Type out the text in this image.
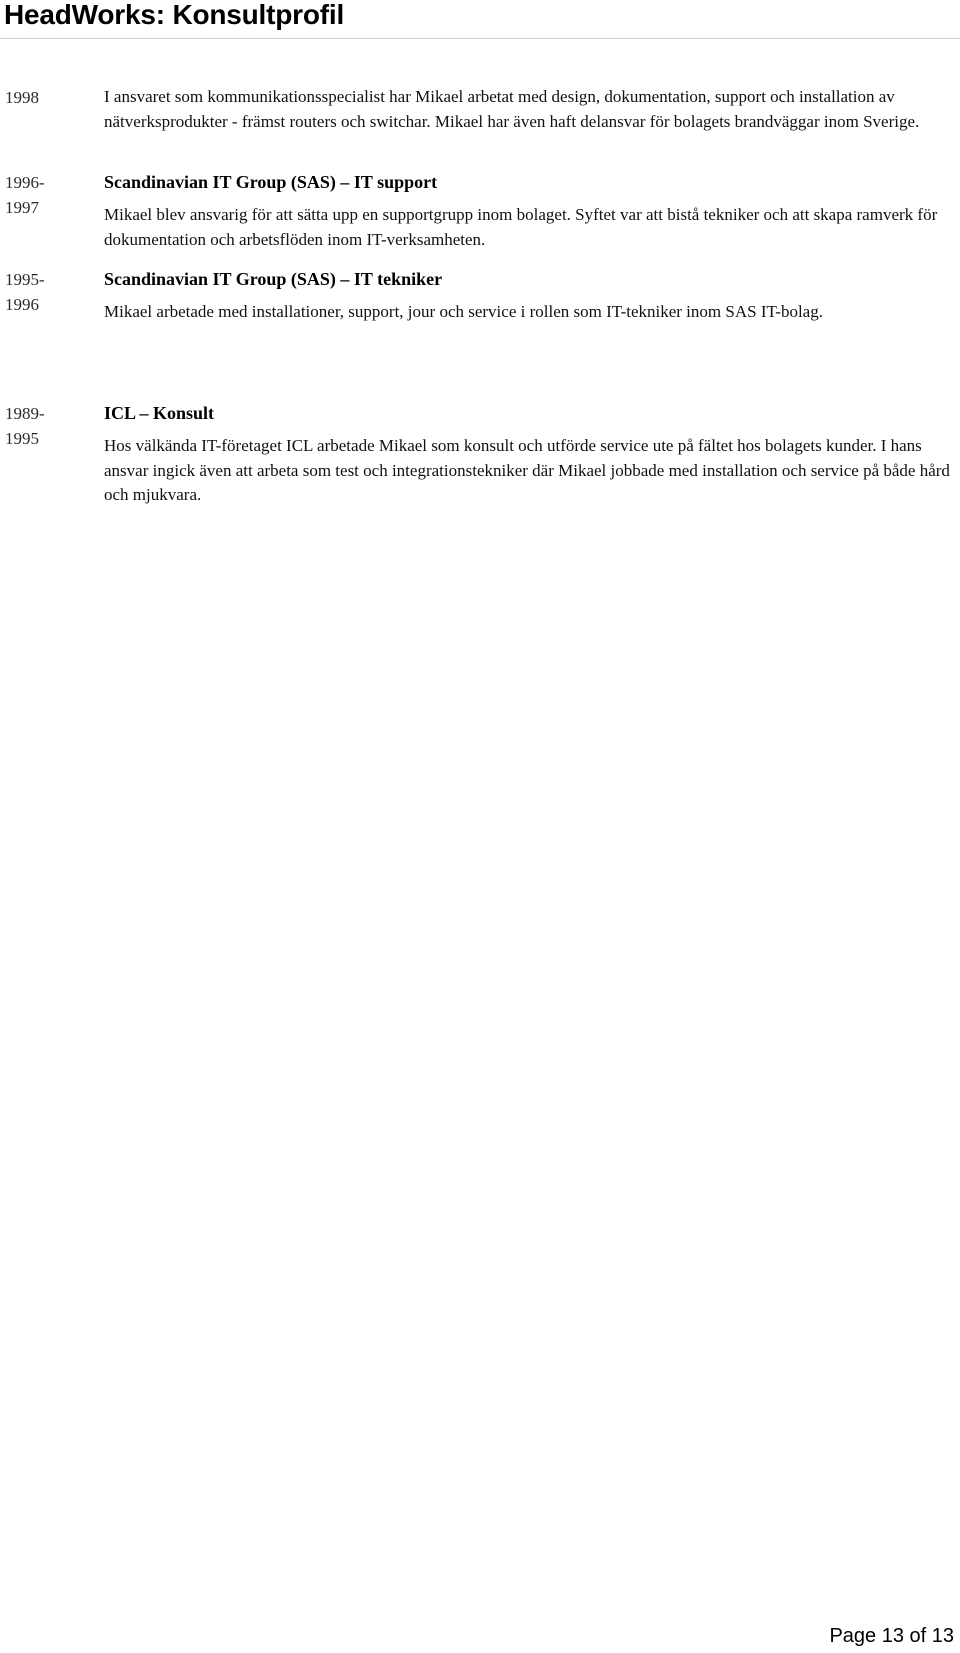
HeadWorks: Konsultprofil
1998	I ansvaret som kommunikationsspecialist har Mikael arbetat med design, dokumentation, support och installation av nätverksprodukter - främst routers och switchar. Mikael har även haft delansvar för bolagets brandväggar inom Sverige.

1996-
1997
Scandinavian IT Group (SAS) – IT support

Mikael blev ansvarig för att sätta upp en supportgrupp inom bolaget. Syftet var att bistå tekniker och att skapa ramverk för dokumentation och arbetsflöden inom IT-verksamheten.

1995-
1996
Scandinavian IT Group (SAS) – IT tekniker

Mikael arbetade med installationer, support, jour och service i rollen som IT-tekniker inom SAS IT-bolag.

1989-
1995
ICL – Konsult

Hos välkända IT-företaget ICL arbetade Mikael som konsult och utförde service ute på fältet hos bolagets kunder. I hans ansvar ingick även att arbeta som test och integrationstekniker där Mikael jobbade med installation och service på både hård och mjukvara.

Page 13 of 13
